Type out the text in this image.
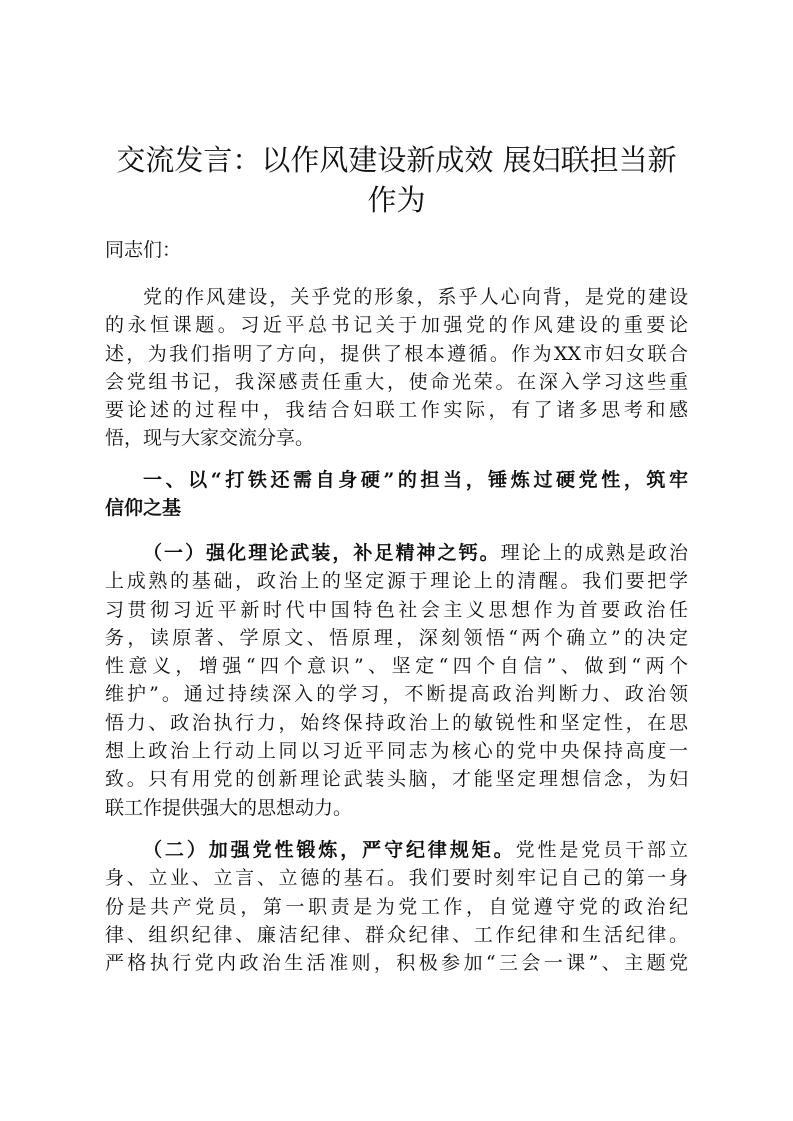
交流发言：以作风建设新成效 展妇联担当新
作为

同志们：

党的作风建设，关乎党的形象，系乎人心向背，是党的建设
的永恒课题。习近平总书记关于加强党的作风建设的重要论
述，为我们指明了方向，提供了根本遵循。作为XX市妇女联合
会党组书记，我深感责任重大，使命光荣。在深入学习这些重
要论述的过程中，我结合妇联工作实际，有了诸多思考和感
悟，现与大家交流分享。
一、以“打铁还需自身硬”的担当，锤炼过硬党性，筑牢
信仰之基
（一）强化理论武装，补足精神之钙。理论上的成熟是政治
上成熟的基础，政治上的坚定源于理论上的清醒。我们要把学
习贯彻习近平新时代中国特色社会主义思想作为首要政治任
务，读原著、学原文、悟原理，深刻领悟“两个确立”的决定
性意义，增强“四个意识”、坚定“四个自信”、做到“两个
维护”。通过持续深入的学习，不断提高政治判断力、政治领
悟力、政治执行力，始终保持政治上的敏锐性和坚定性，在思
想上政治上行动上同以习近平同志为核心的党中央保持高度一
致。只有用党的创新理论武装头脑，才能坚定理想信念，为妇
联工作提供强大的思想动力。
（二）加强党性锻炼，严守纪律规矩。党性是党员干部立
身、立业、立言、立德的基石。我们要时刻牢记自己的第一身
份是共产党员，第一职责是为党工作，自觉遵守党的政治纪
律、组织纪律、廉洁纪律、群众纪律、工作纪律和生活纪律。
严格执行党内政治生活准则，积极参加“三会一课”、主题党
